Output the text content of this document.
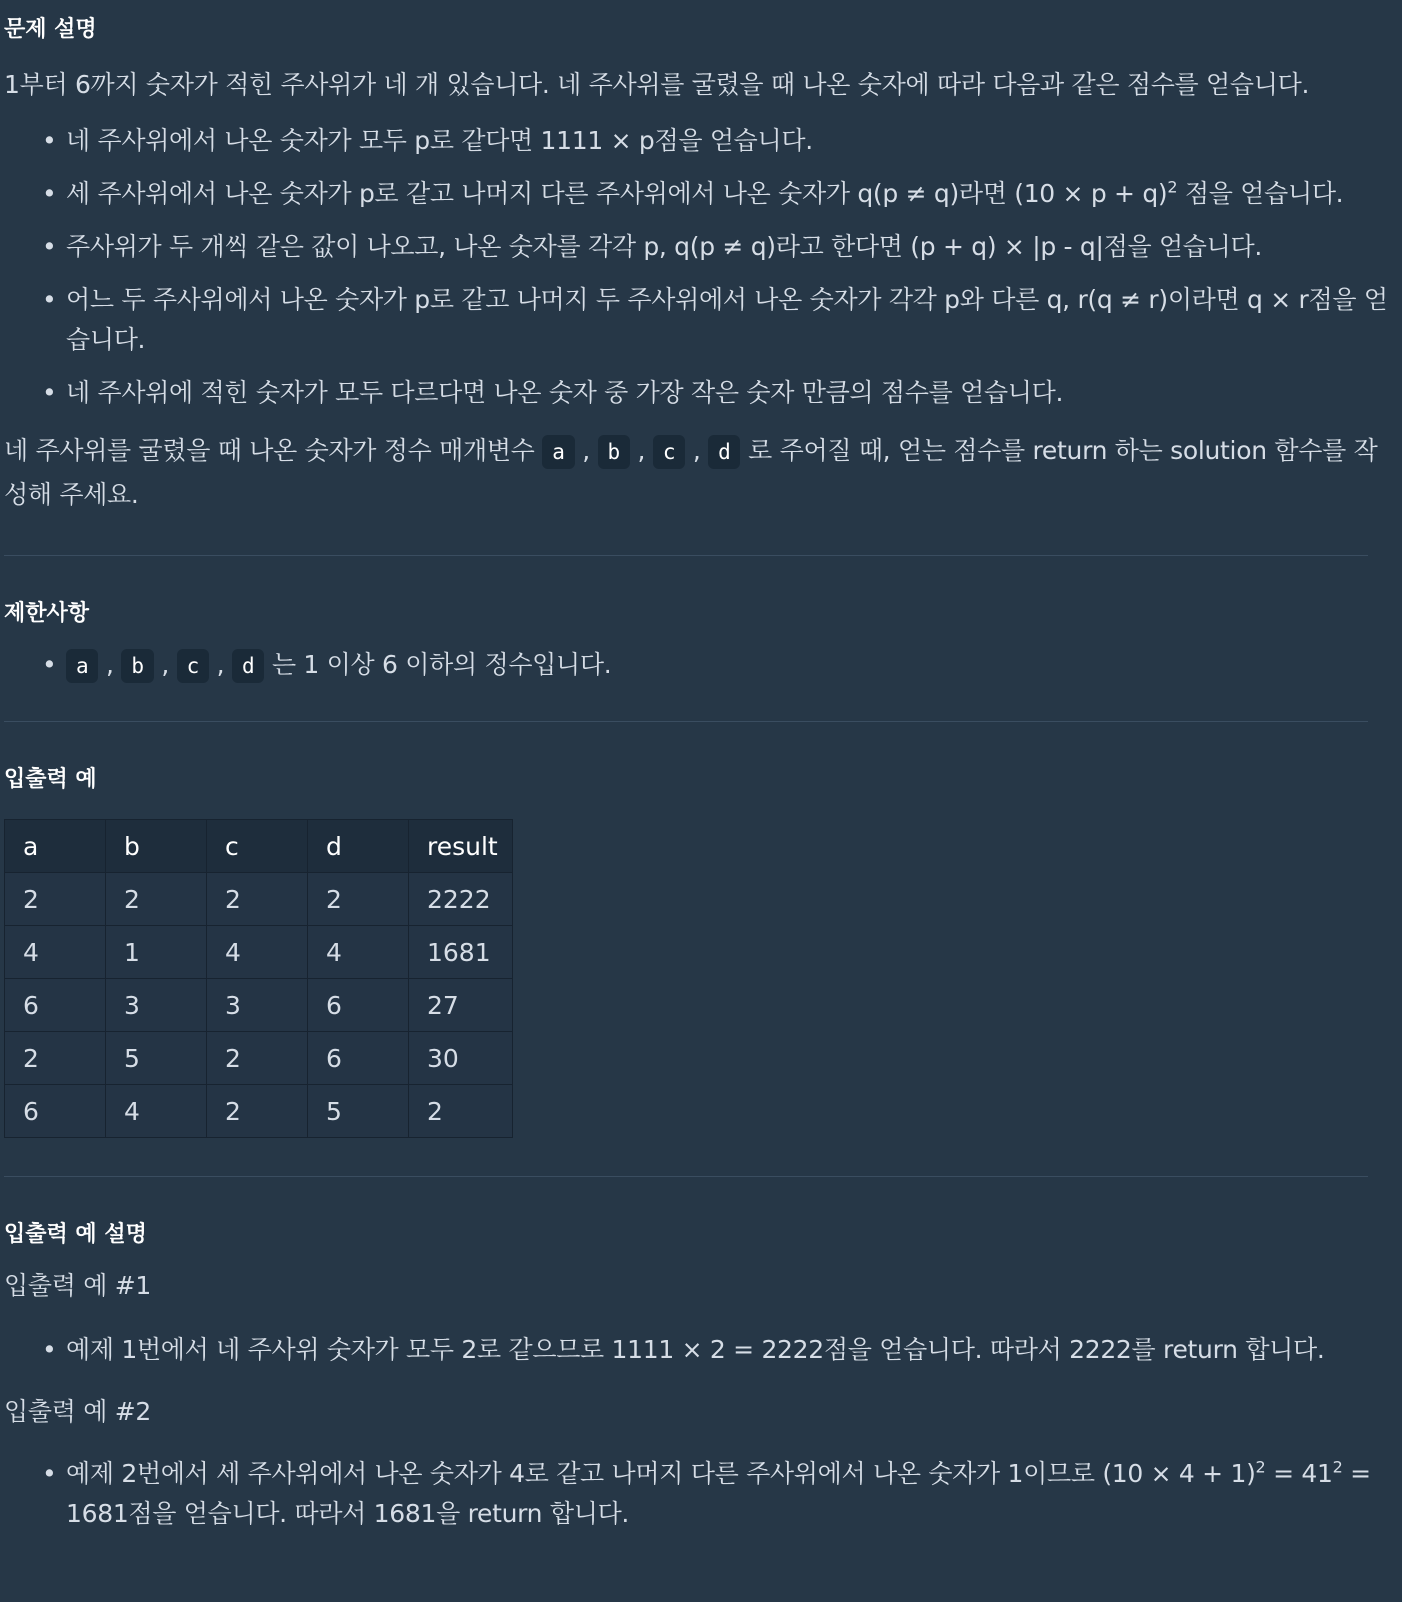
문제 설명

1부터 6까지 숫자가 적힌 주사위가 네 개 있습니다. 네 주사위를 굴렸을 때 나온 숫자에 따라 다음과 같은 점수를 얻습니다.

• 네 주사위에서 나온 숫자가 모두 p로 같다면 1111 × p점을 얻습니다.
• 세 주사위에서 나온 숫자가 p로 같고 나머지 다른 주사위에서 나온 숫자가 q(p ≠ q)라면 $(10 \times p + q)^2$ 점을 얻습니다.
• 주사위가 두 개씩 같은 값이 나오고, 나온 숫자를 각각 p, q(p ≠ q)라고 한다면 (p + q) × |p - q|점을 얻습니다.
• 어느 두 주사위에서 나온 숫자가 p로 같고 나머지 두 주사위에서 나온 숫자가 각각 p와 다른 q, r(q ≠ r)이라면 q × r점을 얻습니다.
• 네 주사위에 적힌 숫자가 모두 다르다면 나온 숫자 중 가장 작은 숫자 만큼의 점수를 얻습니다.

네 주사위를 굴렸을 때 나온 숫자가 정수 매개변수 a , b , c , d 로 주어질 때, 얻는 점수를 return 하는 solution 함수를 작성해 주세요.

제한사항
• a , b , c , d 는 1 이상 6 이하의 정수입니다.
입출력 예
a	b	c	d	result
2	2	2	2	2222
4	1	4	4	1681
6	3	3	6	27
2	5	2	6	30
6	4	2	5	2
입출력 예 설명

입출력 예 #1

• 예제 1번에서 네 주사위 숫자가 모두 2로 같으므로 1111 × 2 = 2222점을 얻습니다. 따라서 2222를 return 합니다.

입출력 예 #2

• 예제 2번에서 세 주사위에서 나온 숫자가 4로 같고 나머지 다른 주사위에서 나온 숫자가 1이므로 $(10 \times 4 + 1)^2 = 41^2 = 1681$점을 얻습니다. 따라서 1681을 return 합니다.
